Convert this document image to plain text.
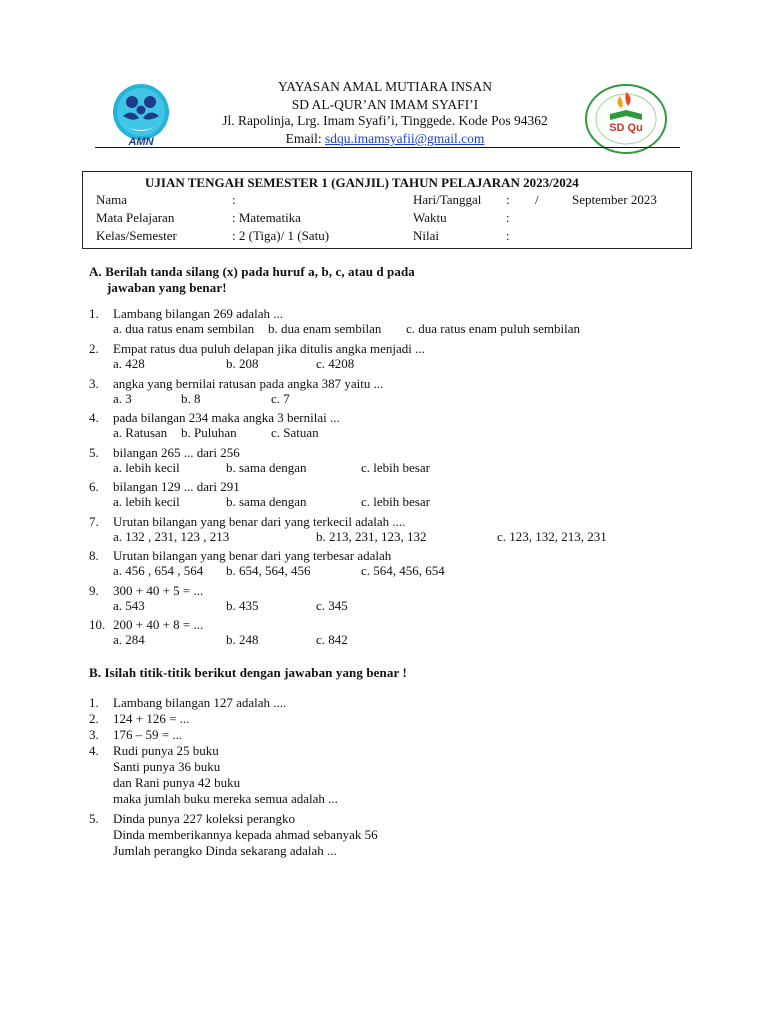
AMN
SD Qu
YAYASAN AMAL MUTIARA INSAN
SD AL-QUR’AN IMAM SYAFI’I
Jl. Rapolinja, Lrg. Imam Syafi’i, Tinggede. Kode Pos 94362
Email: sdqu.imamsyafii@gmail.com
UJIAN TENGAH SEMESTER 1 (GANJIL) TAHUN PELAJARAN 2023/2024
Nama	:
Mata Pelajaran	: Matematika
Kelas/Semester	: 2 (Tiga)/ 1 (Satu)
Hari/Tanggal : /	September 2023
Waktu	:
Nilai	:
A. Berilah tanda silang (x) pada huruf a, b, c, atau d pada
jawaban yang benar!
1. Lambang bilangan 269 adalah ...
a. dua ratus enam sembilan b. dua enam sembilan c. dua ratus enam puluh sembilan
2. Empat ratus dua puluh delapan jika ditulis angka menjadi ...
a. 428	b. 208	c. 4208
3. angka yang bernilai ratusan pada angka 387 yaitu ...
a. 3	b. 8	c. 7
4. pada bilangan 234 maka angka 3 bernilai ...
a. Ratusan b. Puluhan	c. Satuan
5. bilangan 265 ... dari 256
a. lebih kecil	b. sama dengan	c. lebih besar
6. bilangan 129 ... dari 291
a. lebih kecil	b. sama dengan	c. lebih besar
7. Urutan bilangan yang benar dari yang terkecil adalah ....
a. 132 , 231, 123 , 213	b. 213, 231, 123, 132	c. 123, 132, 213, 231
8. Urutan bilangan yang benar dari yang terbesar adalah
a. 456 , 654 , 564 b. 654, 564, 456	c. 564, 456, 654
9. 300 + 40 + 5 = ...
a. 543	b. 435	c. 345
10. 200 + 40 + 8 = ...
a. 284	b. 248	c. 842
B. Isilah titik-titik berikut dengan jawaban yang benar !
1. Lambang bilangan 127 adalah ....
2. 124 + 126 = ...
3. 176 – 59 = ...
4. Rudi punya 25 buku
Santi punya 36 buku
dan Rani punya 42 buku
maka jumlah buku mereka semua adalah ...
5. Dinda punya 227 koleksi perangko
Dinda memberikannya kepada ahmad sebanyak 56
Jumlah perangko Dinda sekarang adalah ...
